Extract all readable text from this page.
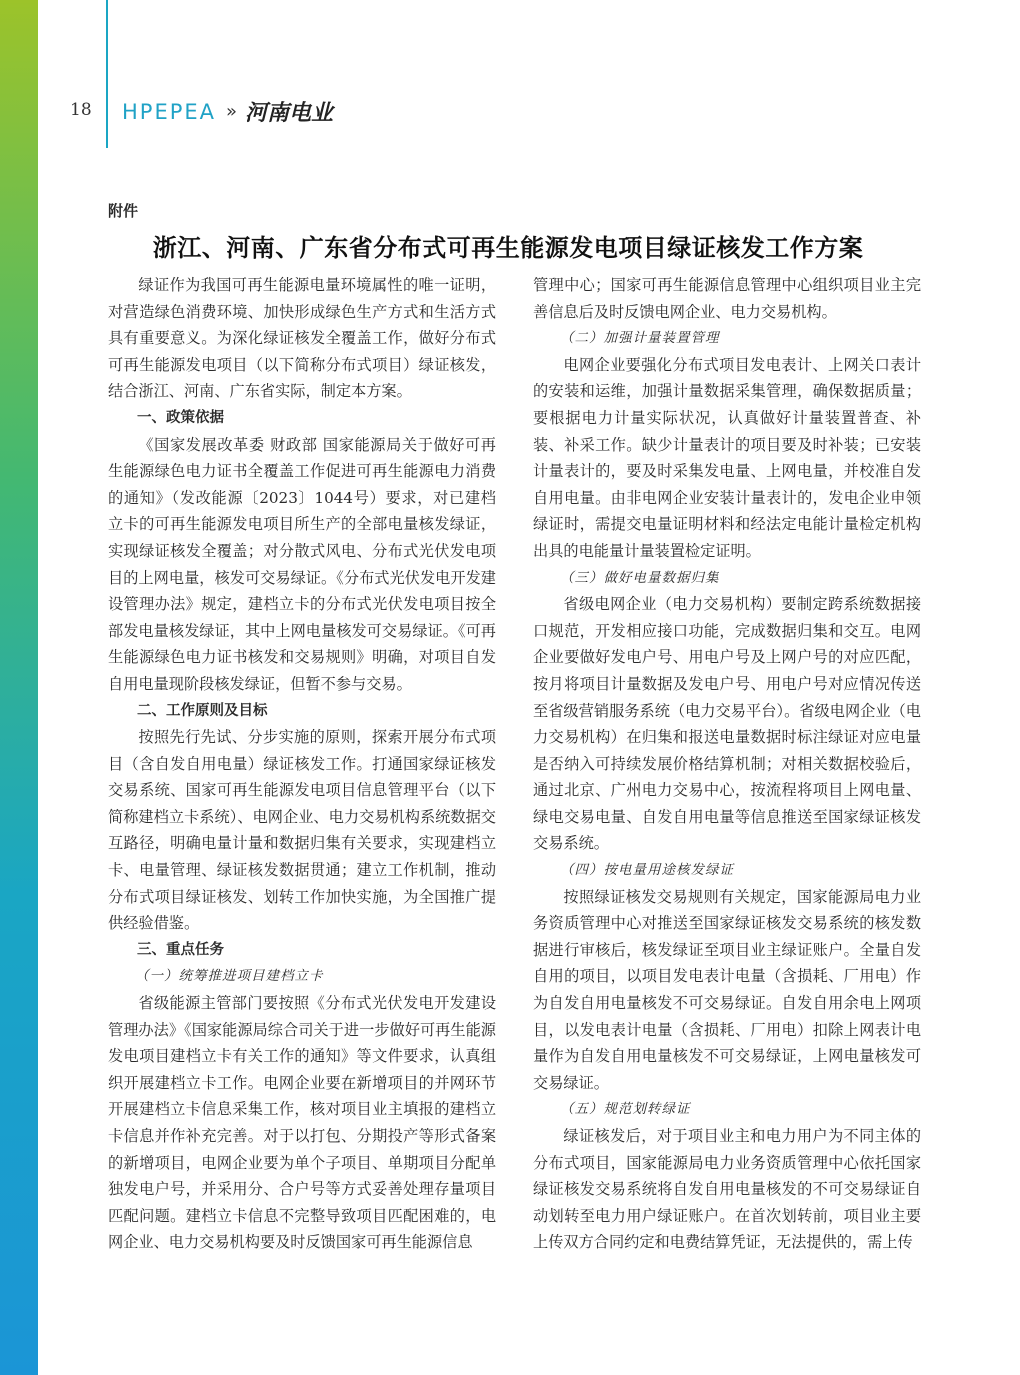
18 HPEPEA » 河南电业
附件
浙江、河南、广东省分布式可再生能源发电项目绿证核发工作方案

绿证作为我国可再生能源电量环境属性的唯一证明，对营造绿色消费环境、加快形成绿色生产方式和生活方式具有重要意义。为深化绿证核发全覆盖工作，做好分布式可再生能源发电项目（以下简称分布式项目）绿证核发，结合浙江、河南、广东省实际，制定本方案。

一、政策依据

《国家发展改革委 财政部 国家能源局关于做好可再生能源绿色电力证书全覆盖工作促进可再生能源电力消费的通知》（发改能源〔2023〕1044号）要求，对已建档立卡的可再生能源发电项目所生产的全部电量核发绿证，实现绿证核发全覆盖；对分散式风电、分布式光伏发电项目的上网电量，核发可交易绿证。《分布式光伏发电开发建设管理办法》规定，建档立卡的分布式光伏发电项目按全部发电量核发绿证，其中上网电量核发可交易绿证。《可再生能源绿色电力证书核发和交易规则》明确，对项目自发自用电量现阶段核发绿证，但暂不参与交易。

二、工作原则及目标

按照先行先试、分步实施的原则，探索开展分布式项目（含自发自用电量）绿证核发工作。打通国家绿证核发交易系统、国家可再生能源发电项目信息管理平台（以下简称建档立卡系统）、电网企业、电力交易机构系统数据交互路径，明确电量计量和数据归集有关要求，实现建档立卡、电量管理、绿证核发数据贯通；建立工作机制，推动分布式项目绿证核发、划转工作加快实施，为全国推广提供经验借鉴。

三、重点任务
（一）统筹推进项目建档立卡

省级能源主管部门要按照《分布式光伏发电开发建设管理办法》《国家能源局综合司关于进一步做好可再生能源发电项目建档立卡有关工作的通知》等文件要求，认真组织开展建档立卡工作。电网企业要在新增项目的并网环节开展建档立卡信息采集工作，核对项目业主填报的建档立卡信息并作补充完善。对于以打包、分期投产等形式备案的新增项目，电网企业要为单个子项目、单期项目分配单独发电户号，并采用分、合户号等方式妥善处理存量项目匹配问题。建档立卡信息不完整导致项目匹配困难的，电网企业、电力交易机构要及时反馈国家可再生能源信息

管理中心；国家可再生能源信息管理中心组织项目业主完善信息后及时反馈电网企业、电力交易机构。

（二）加强计量装置管理

电网企业要强化分布式项目发电表计、上网关口表计的安装和运维，加强计量数据采集管理，确保数据质量；要根据电力计量实际状况，认真做好计量装置普查、补装、补采工作。缺少计量表计的项目要及时补装；已安装计量表计的，要及时采集发电量、上网电量，并校准自发自用电量。由非电网企业安装计量表计的，发电企业申领绿证时，需提交电量证明材料和经法定电能计量检定机构出具的电能量计量装置检定证明。

（三）做好电量数据归集

省级电网企业（电力交易机构）要制定跨系统数据接口规范，开发相应接口功能，完成数据归集和交互。电网企业要做好发电户号、用电户号及上网户号的对应匹配，按月将项目计量数据及发电户号、用电户号对应情况传送至省级营销服务系统（电力交易平台）。省级电网企业（电力交易机构）在归集和报送电量数据时标注绿证对应电量是否纳入可持续发展价格结算机制；对相关数据校验后，通过北京、广州电力交易中心，按流程将项目上网电量、绿电交易电量、自发自用电量等信息推送至国家绿证核发交易系统。

（四）按电量用途核发绿证

按照绿证核发交易规则有关规定，国家能源局电力业务资质管理中心对推送至国家绿证核发交易系统的核发数据进行审核后，核发绿证至项目业主绿证账户。全量自发自用的项目，以项目发电表计电量（含损耗、厂用电）作为自发自用电量核发不可交易绿证。自发自用余电上网项目，以发电表计电量（含损耗、厂用电）扣除上网表计电量作为自发自用电量核发不可交易绿证，上网电量核发可交易绿证。

（五）规范划转绿证

绿证核发后，对于项目业主和电力用户为不同主体的分布式项目，国家能源局电力业务资质管理中心依托国家绿证核发交易系统将自发自用电量核发的不可交易绿证自动划转至电力用户绿证账户。在首次划转前，项目业主要上传双方合同约定和电费结算凭证，无法提供的，需上传
